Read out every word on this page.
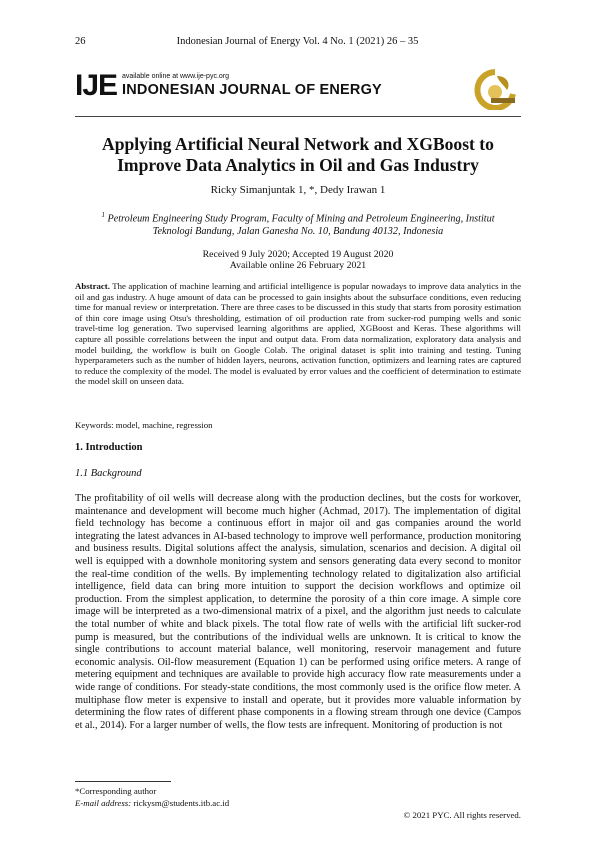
26	Indonesian Journal of Energy Vol. 4 No. 1 (2021) 26 – 35
IJE available online at www.ije-pyc.org
INDONESIAN JOURNAL OF ENERGY
Applying Artificial Neural Network and XGBoost to
Improve Data Analytics in Oil and Gas Industry
Ricky Simanjuntak 1, *, Dedy Irawan 1
$^1$ Petroleum Engineering Study Program, Faculty of Mining and Petroleum Engineering, Institut
Teknologi Bandung, Jalan Ganesha No. 10, Bandung 40132, Indonesia
Received 9 July 2020; Accepted 19 August 2020
Available online 26 February 2021
Abstract. The application of machine learning and artificial intelligence is popular nowadays to improve data analytics in the oil and gas industry. A huge amount of data can be processed to gain insights about the subsurface conditions, even reducing time for manual review or interpretation. There are three cases to be discussed in this study that starts from porosity estimation of thin core image using Otsu's thresholding, estimation of oil production rate from sucker-rod pumping wells and sonic travel-time log generation. Two supervised learning algorithms are applied, XGBoost and Keras. These algorithms will capture all possible correlations between the input and output data. From data normalization, exploratory data analysis and model building, the workflow is built on Google Colab. The original dataset is split into training and testing. Tuning hyperparameters such as the number of hidden layers, neurons, activation function, optimizers and learning rates are captured to reduce the complexity of the model. The model is evaluated by error values and the coefficient of determination to estimate the model skill on unseen data.
Keywords: model, machine, regression
1. Introduction
1.1 Background
The profitability of oil wells will decrease along with the production declines, but the costs for workover, maintenance and development will become much higher (Achmad, 2017). The implementation of digital field technology has become a continuous effort in major oil and gas companies around the world integrating the latest advances in AI-based technology to improve well performance, production monitoring and business results. Digital solutions affect the analysis, simulation, scenarios and decision. A digital oil well is equipped with a downhole monitoring system and sensors generating data every second to monitor the real-time condition of the wells. By implementing technology related to digitalization also artificial intelligence, field data can bring more intuition to support the decision workflows and optimize oil production. From the simplest application, to determine the porosity of a thin core image. A simple core image will be interpreted as a two-dimensional matrix of a pixel, and the algorithm just needs to calculate the total number of white and black pixels. The total flow rate of wells with the artificial lift sucker-rod pump is measured, but the contributions of the individual wells are unknown. It is critical to know the single contributions to account material balance, well monitoring, reservoir management and future economic analysis. Oil-flow measurement (Equation 1) can be performed using orifice meters. A range of metering equipment and techniques are available to provide high accuracy flow rate measurements under a wide range of conditions. For steady-state conditions, the most commonly used is the orifice flow meter. A multiphase flow meter is expensive to install and operate, but it provides more valuable information by determining the flow rates of different phase components in a flowing stream through one device (Campos et al., 2014). For a larger number of wells, the flow tests are infrequent. Monitoring of production is not
*Corresponding author
E-mail address: rickysm@students.itb.ac.id
© 2021 PYC. All rights reserved.
